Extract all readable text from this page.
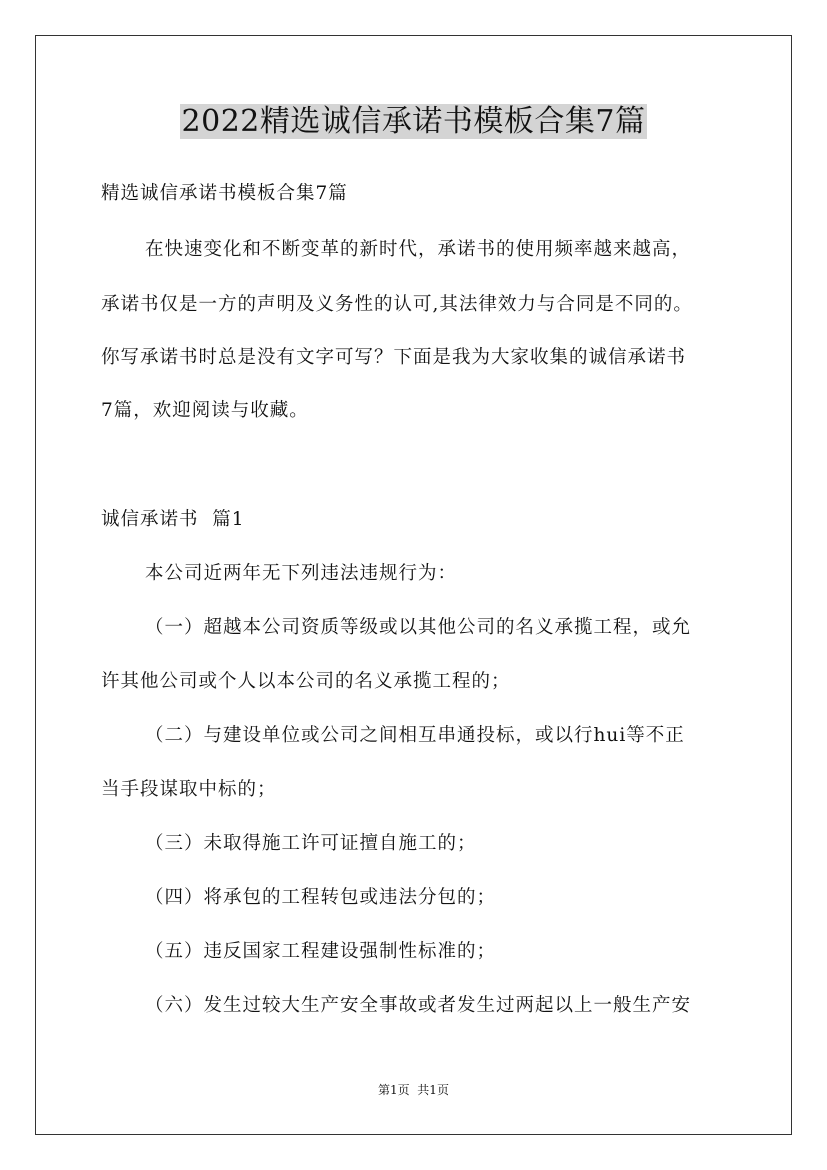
2022精选诚信承诺书模板合集7篇
精选诚信承诺书模板合集7篇
在快速变化和不断变革的新时代，承诺书的使用频率越来越高，
承诺书仅是一方的声明及义务性的认可,其法律效力与合同是不同的。
你写承诺书时总是没有文字可写？下面是我为大家收集的诚信承诺书
7篇，欢迎阅读与收藏。
诚信承诺书  篇1
本公司近两年无下列违法违规行为：
（一）超越本公司资质等级或以其他公司的名义承揽工程，或允
许其他公司或个人以本公司的名义承揽工程的；
（二）与建设单位或公司之间相互串通投标，或以行hui等不正
当手段谋取中标的；
（三）未取得施工许可证擅自施工的；
（四）将承包的工程转包或违法分包的；
（五）违反国家工程建设强制性标准的；
（六）发生过较大生产安全事故或者发生过两起以上一般生产安
第1页  共1页
